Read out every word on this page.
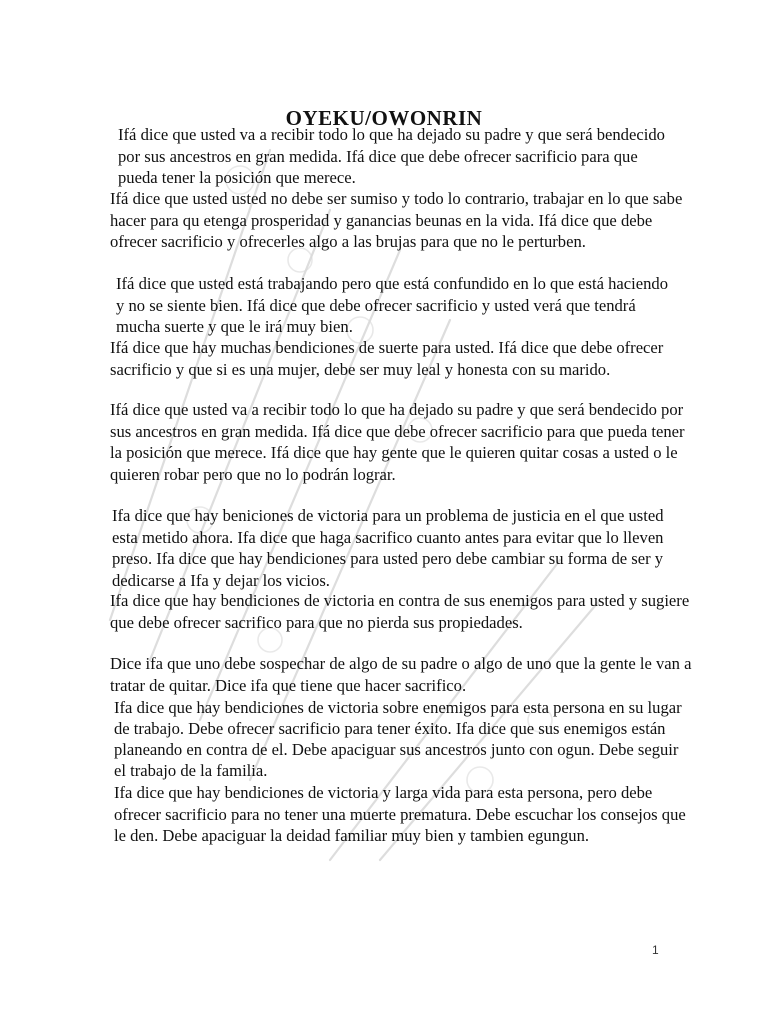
OYEKU/OWONRIN

Ifá dice que usted va a recibir todo lo que ha dejado su padre y que será bendecido por sus ancestros en gran medida. Ifá dice que debe ofrecer sacrificio para que pueda tener la posición que merece.

Ifá dice que usted usted no debe ser sumiso y todo lo contrario, trabajar en lo que sabe hacer para qu etenga prosperidad y ganancias beunas en la vida. Ifá dice que debe ofrecer sacrificio y ofrecerles algo a las brujas para que no le perturben.

Ifá dice que usted está trabajando pero que está confundido en lo que está haciendo y no se siente bien. Ifá dice que debe ofrecer sacrificio y usted verá que tendrá mucha suerte y que le irá muy bien.

Ifá dice que hay muchas bendiciones de suerte para usted. Ifá dice que debe ofrecer sacrificio y que si es una mujer, debe ser muy leal y honesta con su marido.

Ifá dice que usted va a recibir todo lo que ha dejado su padre y que será bendecido por sus ancestros en gran medida. Ifá dice que debe ofrecer sacrificio para que pueda tener la posición que merece. Ifá dice que hay gente que le quieren quitar cosas a usted o le quieren robar pero que no lo podrán lograr.

Ifa dice que hay beniciones de victoria para un problema de justicia en el que usted esta metido ahora. Ifa dice que haga sacrifico cuanto antes para evitar que lo lleven preso. Ifa dice que hay bendiciones para usted pero debe cambiar su forma de ser y dedicarse a Ifa y dejar los vicios.

Ifa dice que hay bendiciones de victoria en contra de sus enemigos para usted y sugiere que debe ofrecer sacrifico para que no pierda sus propiedades.

Dice ifa que uno debe sospechar de algo de su padre o algo de uno que la gente le van a tratar de quitar. Dice ifa que tiene que hacer sacrifico.

Ifa dice que hay bendiciones de victoria sobre enemigos para esta persona en su lugar de trabajo. Debe ofrecer sacrificio para tener éxito. Ifa dice que sus enemigos están planeando en contra de el. Debe apaciguar sus ancestros junto con ogun. Debe seguir el trabajo de la familia.

Ifa dice que hay bendiciones de victoria y larga vida para esta persona, pero debe ofrecer sacrificio para no tener una muerte prematura. Debe escuchar los consejos que le den. Debe apaciguar la deidad familiar muy bien y tambien egungun.

1
